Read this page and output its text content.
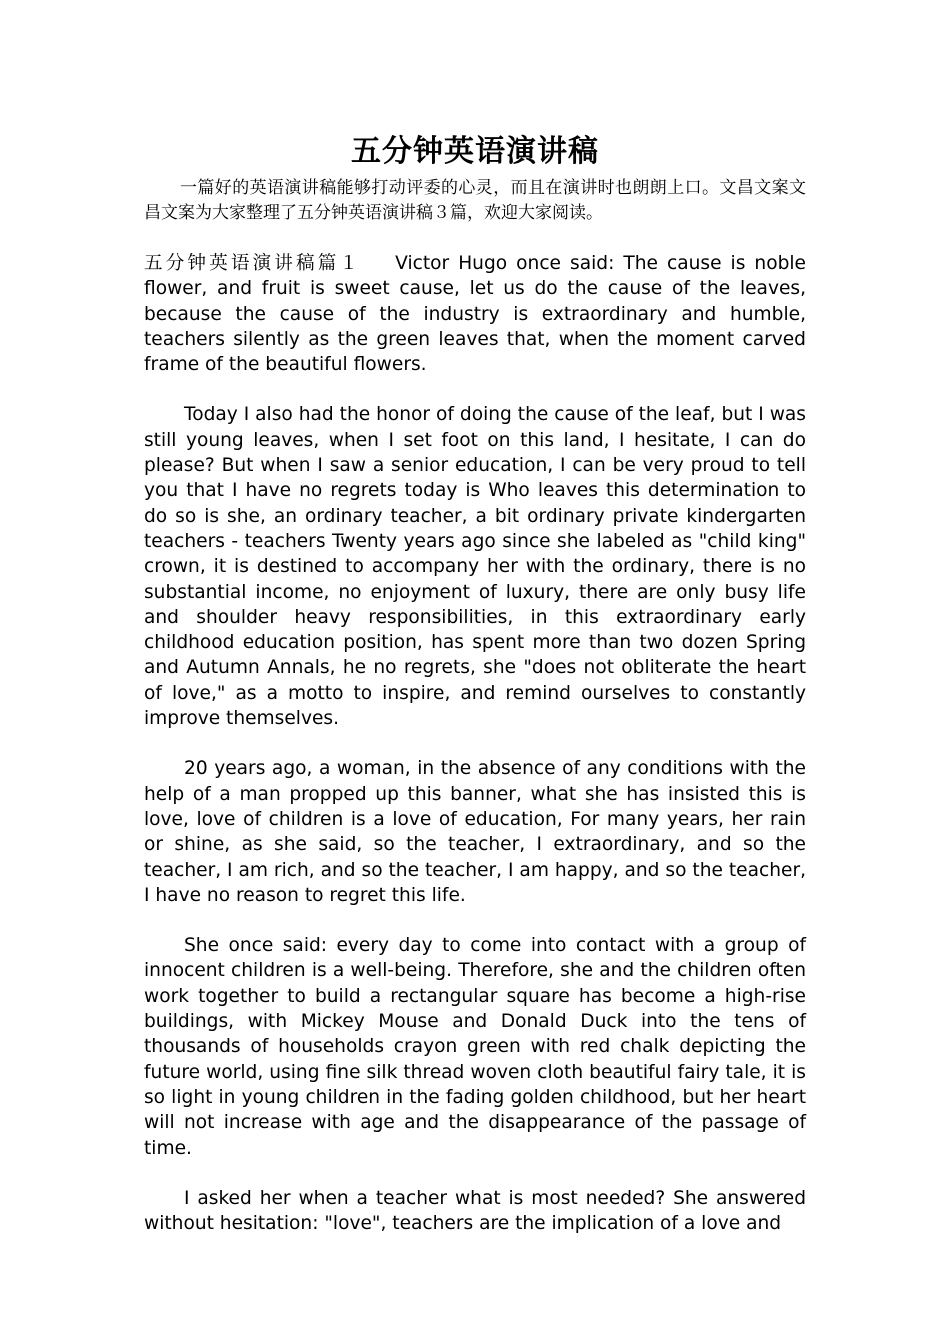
五分钟英语演讲稿

一篇好的英语演讲稿能够打动评委的心灵，而且在演讲时也朗朗上口。文昌文案文昌文案为大家整理了五分钟英语演讲稿３篇，欢迎大家阅读。

五分钟英语演讲稿篇１ Victor Hugo once said: The cause is noble flower, and fruit is sweet cause, let us do the cause of the leaves, because the cause of the industry is extraordinary and humble, teachers silently as the green leaves that, when the moment carved frame of the beautiful flowers.

Today I also had the honor of doing the cause of the leaf, but I was still young leaves, when I set foot on this land, I hesitate, I can do please? But when I saw a senior education, I can be very proud to tell you that I have no regrets today is Who leaves this determination to do so is she, an ordinary teacher, a bit ordinary private kindergarten teachers - teachers Twenty years ago since she labeled as "child king" crown, it is destined to accompany her with the ordinary, there is no substantial income, no enjoyment of luxury, there are only busy life and shoulder heavy responsibilities, in this extraordinary early childhood education position, has spent more than two dozen Spring and Autumn Annals, he no regrets, she "does not obliterate the heart of love," as a motto to inspire, and remind ourselves to constantly improve themselves.

20 years ago, a woman, in the absence of any conditions with the help of a man propped up this banner, what she has insisted this is love, love of children is a love of education, For many years, her rain or shine, as she said, so the teacher, I extraordinary, and so the teacher, I am rich, and so the teacher, I am happy, and so the teacher, I have no reason to regret this life.

She once said: every day to come into contact with a group of innocent children is a well-being. Therefore, she and the children often work together to build a rectangular square has become a high-rise buildings, with Mickey Mouse and Donald Duck into the tens of thousands of households crayon green with red chalk depicting the future world, using fine silk thread woven cloth beautiful fairy tale, it is so light in young children in the fading golden childhood, but her heart will not increase with age and the disappearance of the passage of time.

I asked her when a teacher what is most needed? She answered without hesitation: "love", teachers are the implication of a love and
